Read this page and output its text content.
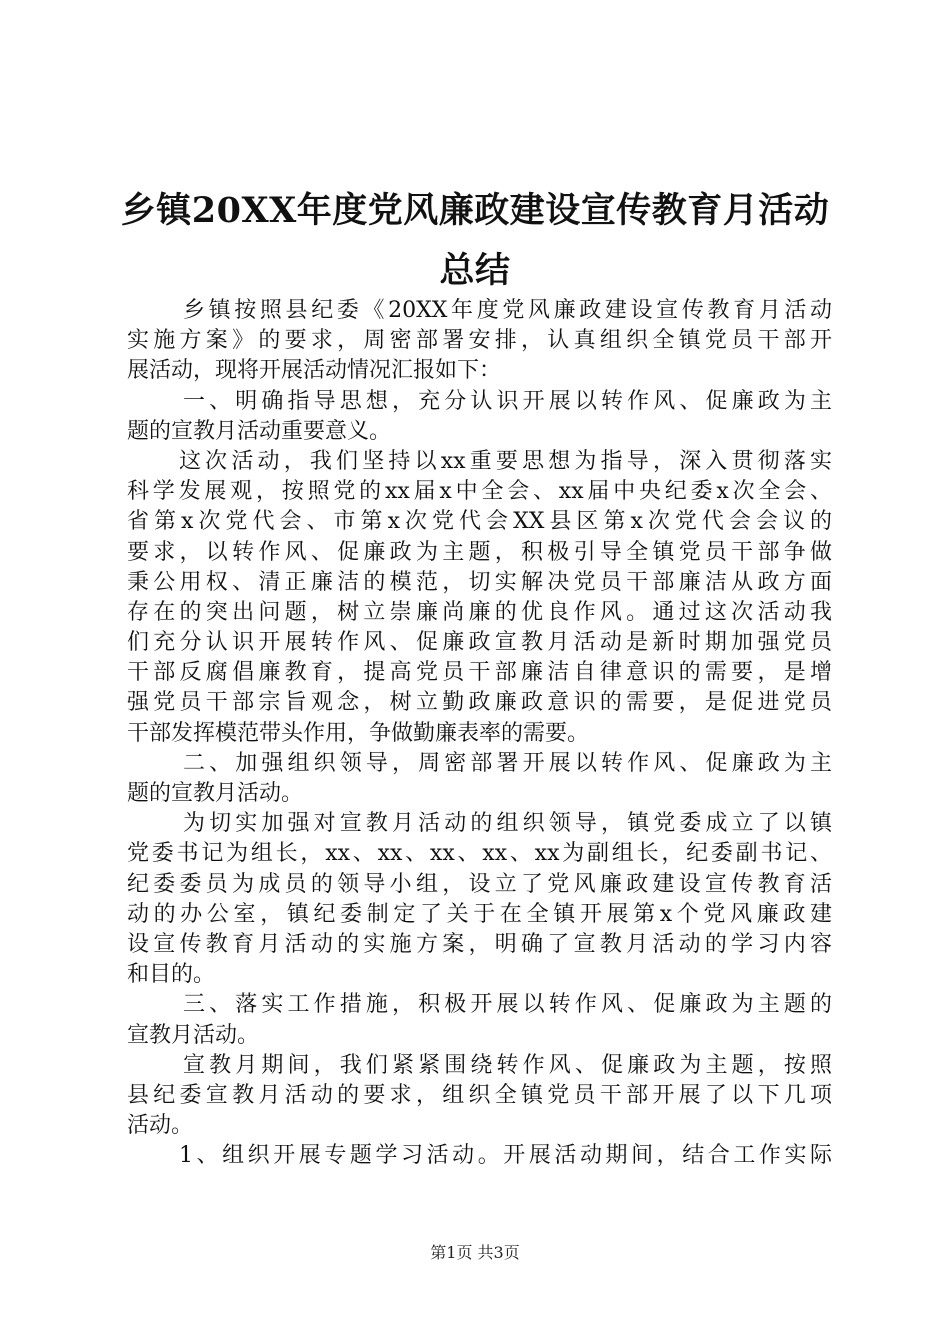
乡镇20XX年度党风廉政建设宣传教育月活动
总结
乡镇按照县纪委《20XX年度党风廉政建设宣传教育月活动
实施方案》的要求，周密部署安排，认真组织全镇党员干部开
展活动，现将开展活动情况汇报如下：
一、明确指导思想，充分认识开展以转作风、促廉政为主
题的宣教月活动重要意义。
这次活动，我们坚持以xx重要思想为指导，深入贯彻落实
科学发展观，按照党的xx届x中全会、xx届中央纪委x次全会、
省第x次党代会、市第x次党代会XX县区第x次党代会会议的
要求，以转作风、促廉政为主题，积极引导全镇党员干部争做
秉公用权、清正廉洁的模范，切实解决党员干部廉洁从政方面
存在的突出问题，树立崇廉尚廉的优良作风。通过这次活动我
们充分认识开展转作风、促廉政宣教月活动是新时期加强党员
干部反腐倡廉教育，提高党员干部廉洁自律意识的需要，是增
强党员干部宗旨观念，树立勤政廉政意识的需要，是促进党员
干部发挥模范带头作用，争做勤廉表率的需要。
二、加强组织领导，周密部署开展以转作风、促廉政为主
题的宣教月活动。
为切实加强对宣教月活动的组织领导，镇党委成立了以镇
党委书记为组长，xx、xx、xx、xx、xx为副组长，纪委副书记、
纪委委员为成员的领导小组，设立了党风廉政建设宣传教育活
动的办公室，镇纪委制定了关于在全镇开展第x个党风廉政建
设宣传教育月活动的实施方案，明确了宣教月活动的学习内容
和目的。
三、落实工作措施，积极开展以转作风、促廉政为主题的
宣教月活动。
宣教月期间，我们紧紧围绕转作风、促廉政为主题，按照
县纪委宣教月活动的要求，组织全镇党员干部开展了以下几项
活动。
1、组织开展专题学习活动。开展活动期间，结合工作实际
第1页 共3页
